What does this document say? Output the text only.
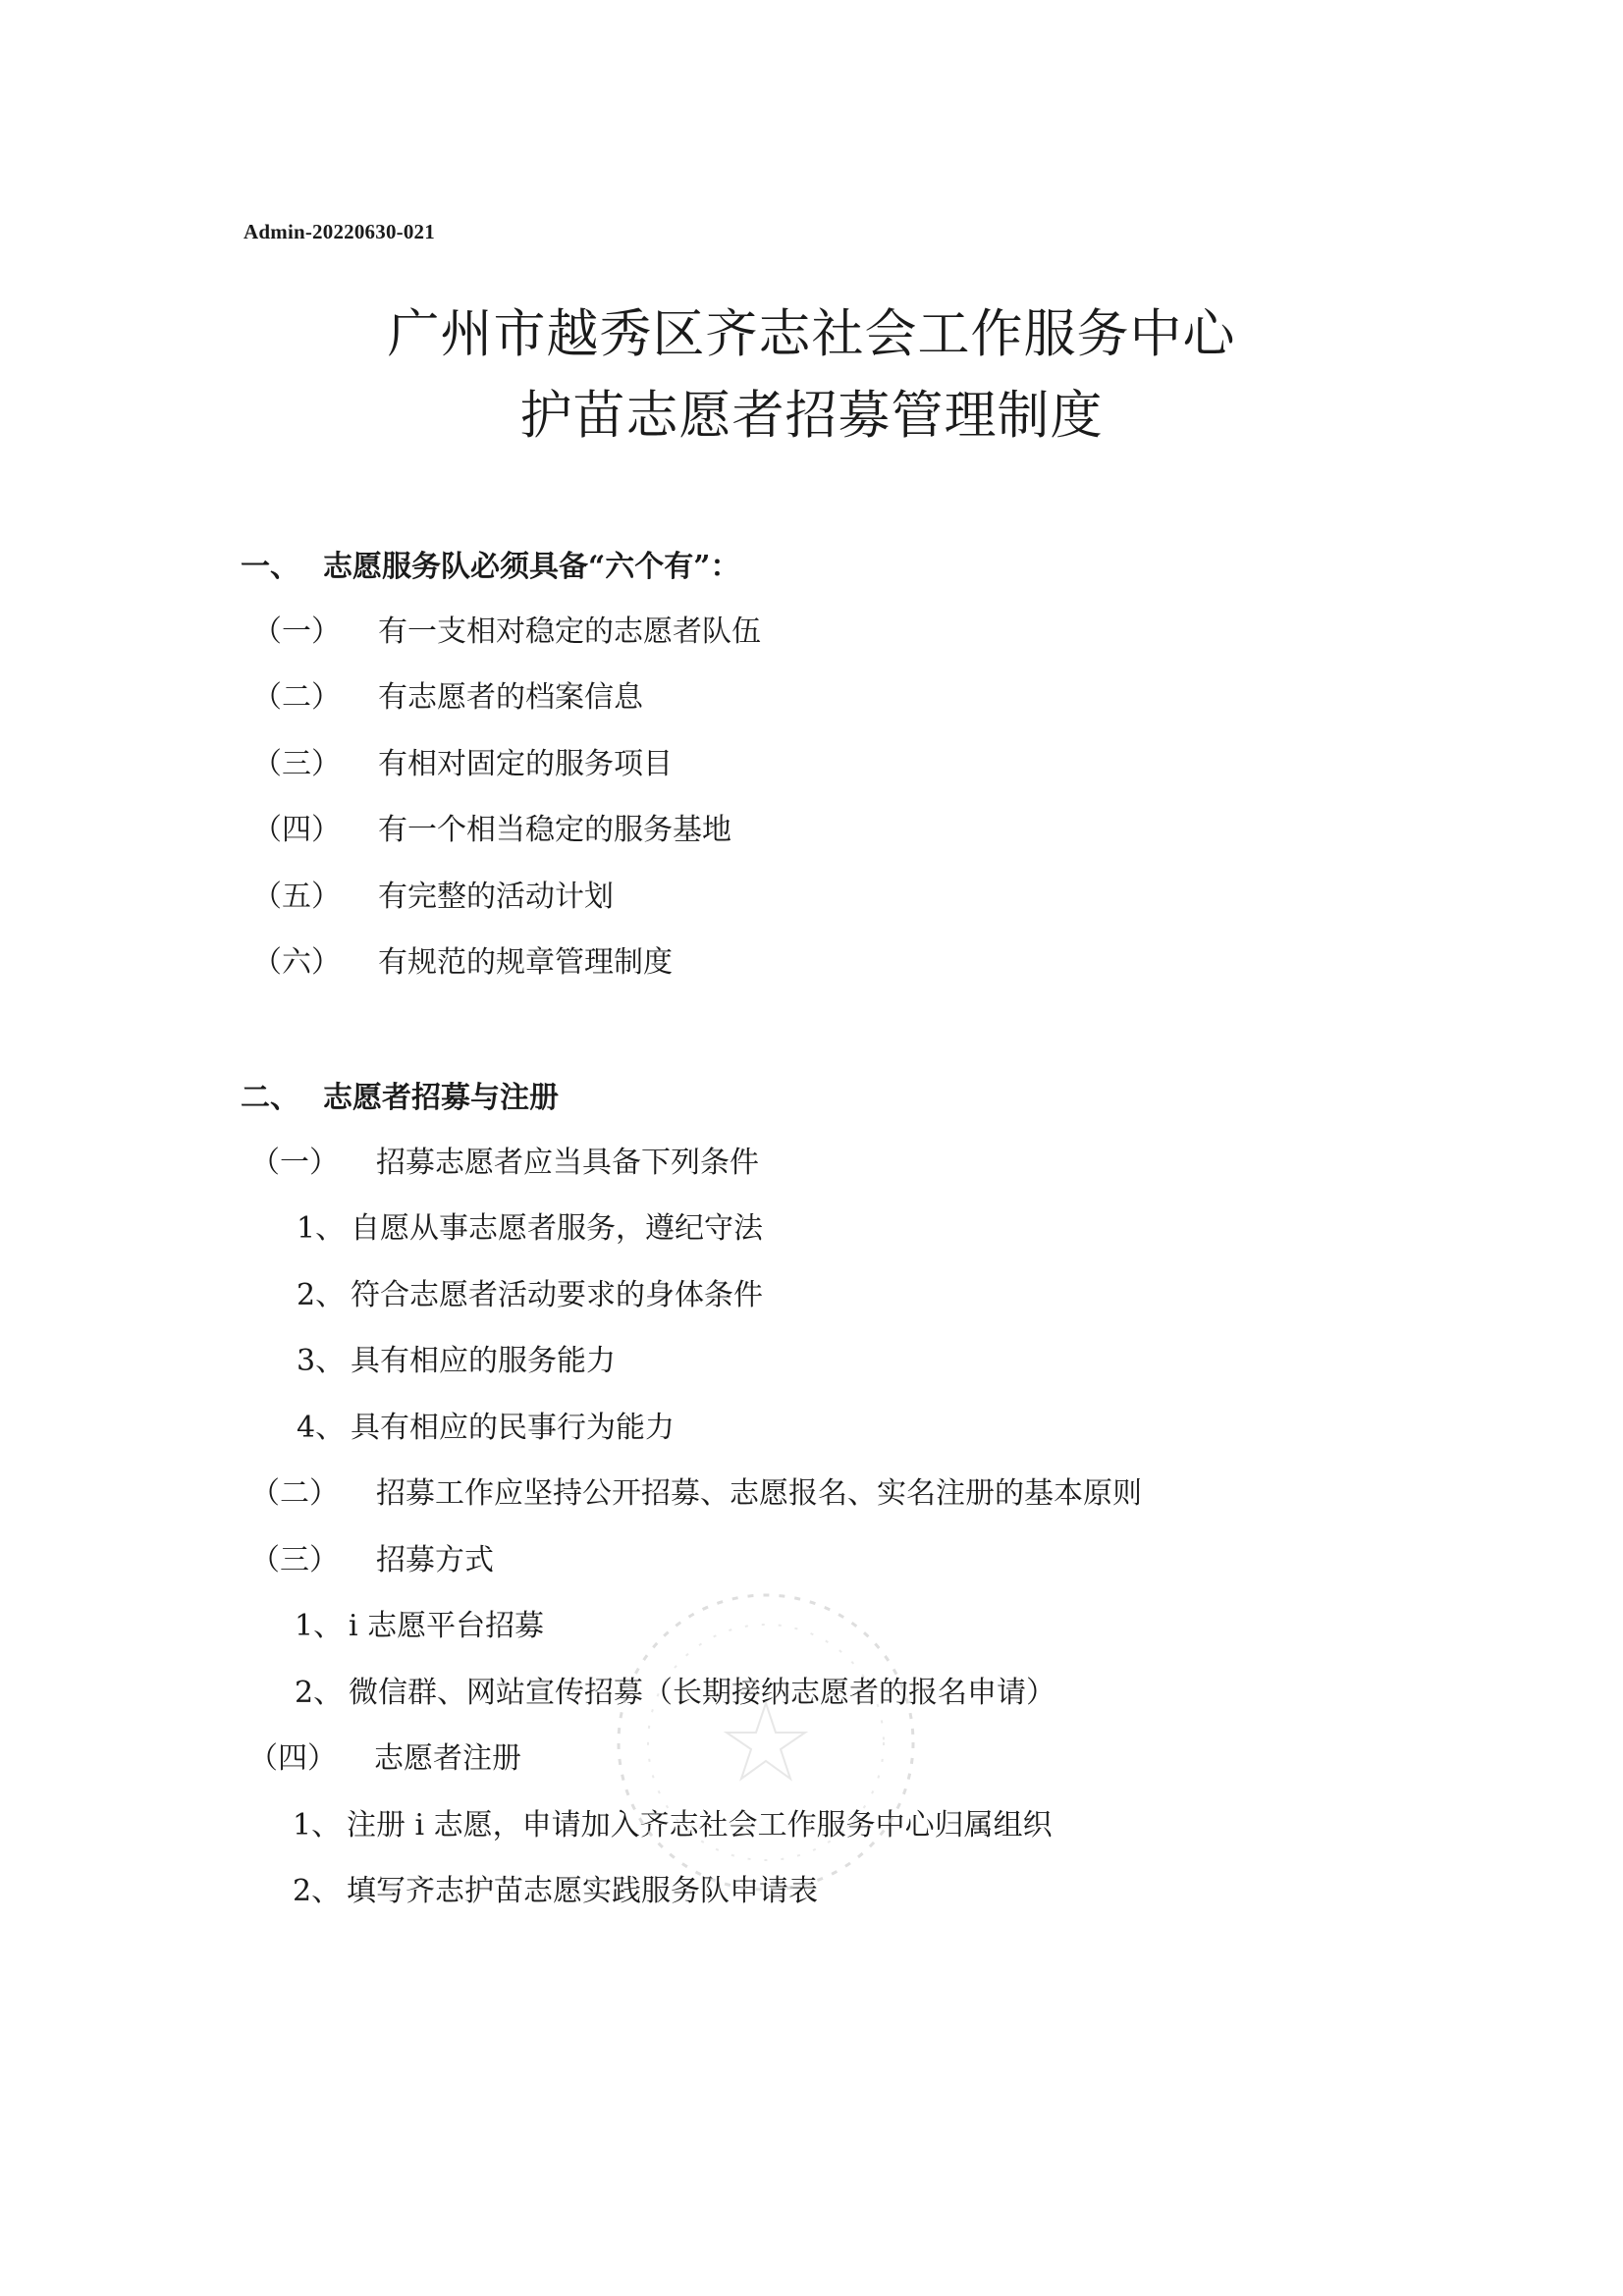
Admin-20220630-021
广州市越秀区齐志社会工作服务中心
护苗志愿者招募管理制度
一、 志愿服务队必须具备“六个有”：
（一） 有一支相对稳定的志愿者队伍
（二） 有志愿者的档案信息
（三） 有相对固定的服务项目
（四） 有一个相当稳定的服务基地
（五） 有完整的活动计划
（六） 有规范的规章管理制度
二、 志愿者招募与注册
（一） 招募志愿者应当具备下列条件
1、 自愿从事志愿者服务，遵纪守法
2、 符合志愿者活动要求的身体条件
3、 具有相应的服务能力
4、 具有相应的民事行为能力
（二） 招募工作应坚持公开招募、志愿报名、实名注册的基本原则
（三） 招募方式
1、 i 志愿平台招募
2、 微信群、网站宣传招募（长期接纳志愿者的报名申请）
（四） 志愿者注册
1、 注册 i 志愿，申请加入齐志社会工作服务中心归属组织
2、 填写齐志护苗志愿实践服务队申请表
